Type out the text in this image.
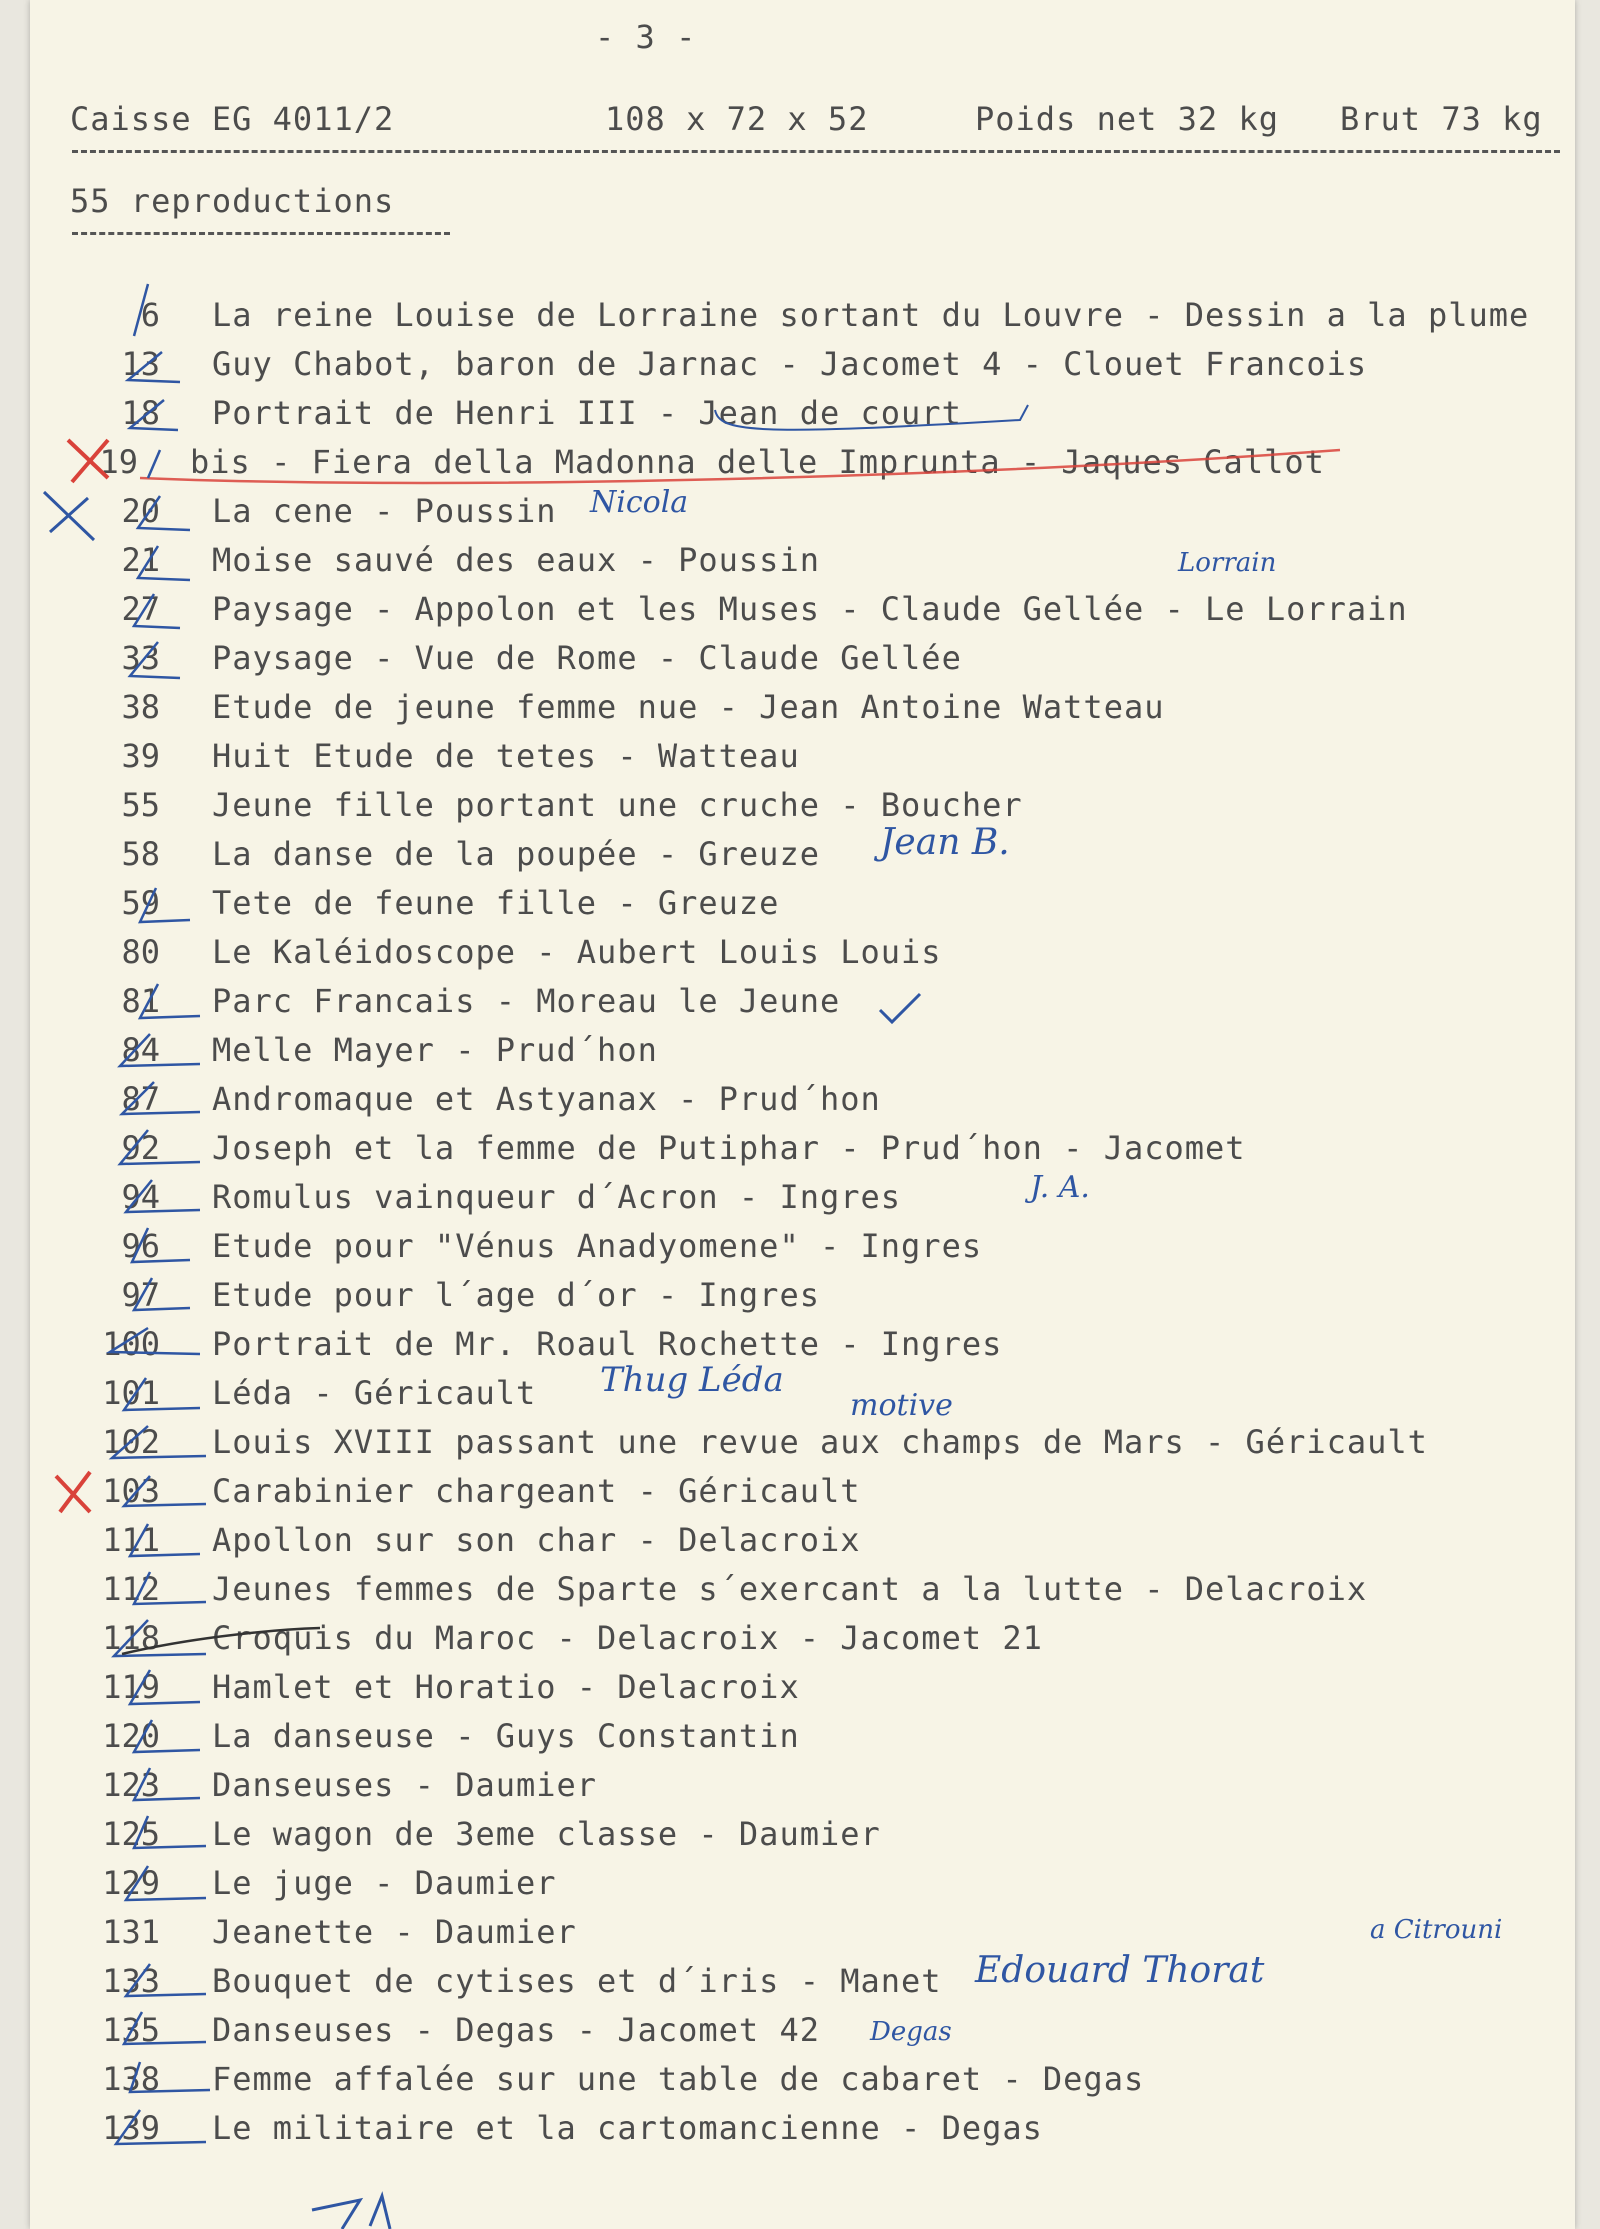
- 3 -
Caisse EG 4011/2	108 x 72 x 52	Poids net 32 kg Brut 73 kg
55 reproductions
6 La reine Louise de Lorraine sortant du Louvre - Dessin a la plume
13 Guy Chabot, baron de Jarnac - Jacomet 4 - Clouet Francois
18 Portrait de Henri III - Jean de court
19 bis - Fiera della Madonna delle Imprunta - Jaques Callot
20 La cene - Poussin
21 Moise sauvé des eaux - Poussin
27 Paysage - Appolon et les Muses - Claude Gellée - Le Lorrain
33 Paysage - Vue de Rome - Claude Gellée
38 Etude de jeune femme nue - Jean Antoine Watteau
39 Huit Etude de tetes - Watteau
55 Jeune fille portant une cruche - Boucher
58 La danse de la poupée - Greuze
59 Tete de feune fille - Greuze
80 Le Kaléidoscope - Aubert Louis Louis
81 Parc Francais - Moreau le Jeune
84 Melle Mayer - Prud´hon
87 Andromaque et Astyanax - Prud´hon
92 Joseph et la femme de Putiphar - Prud´hon - Jacomet
94 Romulus vainqueur d´Acron - Ingres
96 Etude pour "Vénus Anadyomene" - Ingres
97 Etude pour l´age d´or - Ingres
100 Portrait de Mr. Roaul Rochette - Ingres
101 Léda - Géricault
102 Louis XVIII passant une revue aux champs de Mars - Géricault
103 Carabinier chargeant - Géricault
111 Apollon sur son char - Delacroix
112 Jeunes femmes de Sparte s´exercant a la lutte - Delacroix
118 Croquis du Maroc - Delacroix - Jacomet 21
119 Hamlet et Horatio - Delacroix
120 La danseuse - Guys Constantin
123 Danseuses - Daumier
125 Le wagon de 3eme classe - Daumier
129 Le juge - Daumier
131 Jeanette - Daumier
133 Bouquet de cytises et d´iris - Manet
135 Danseuses - Degas - Jacomet 42
138 Femme affalée sur une table de cabaret - Degas
139 Le militaire et la cartomancienne - Degas
Nicola
Lorrain
Jean B.
J. A.
Thug Léda
motive
Edouard Thorat
a Citrouni
Degas
